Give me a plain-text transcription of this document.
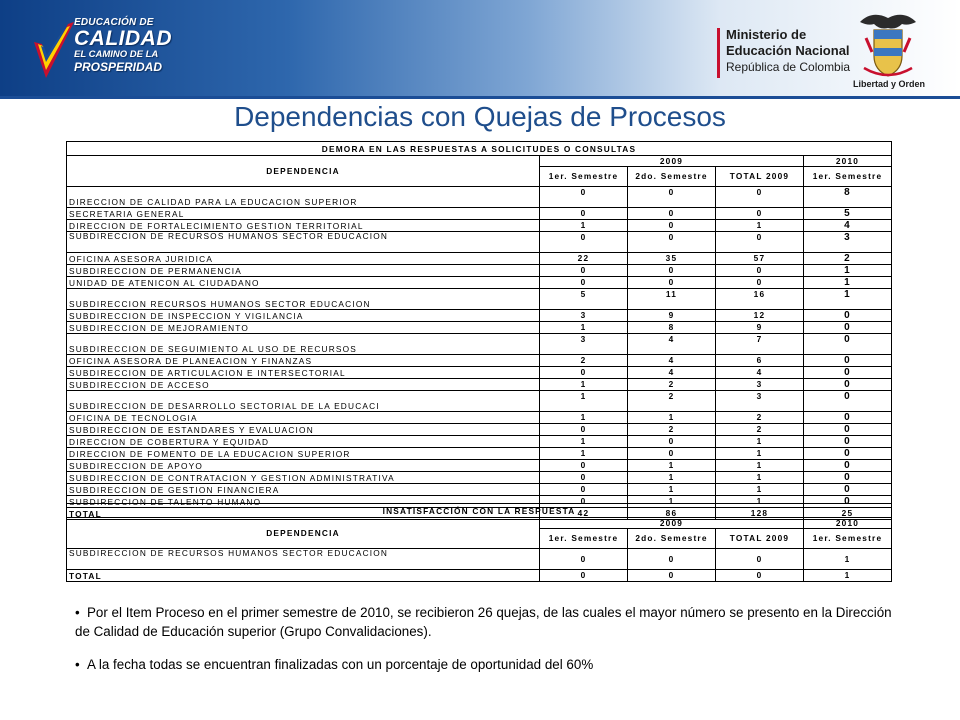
EDUCACIÓN DE
CALIDAD
EL CAMINO DE LA
PROSPERIDAD
Ministerio de
Educación Nacional
República de Colombia
Libertad y Orden
Dependencias con Quejas de Procesos
DEMORA EN LAS RESPUESTAS A SOLICITUDES O CONSULTAS				
DEPENDENCIA	2009			2010
	1er. Semestre	2do. Semestre	TOTAL 2009	1er. Semestre
DIRECCION DE CALIDAD PARA LA EDUCACION SUPERIOR	0	0	0	8
SECRETARIA GENERAL	0	0	0	5
DIRECCION DE FORTALECIMIENTO GESTION TERRITORIAL	1	0	1	4
SUBDIRECCION DE RECURSOS HUMANOS SECTOR EDUCACION	0	0	0	3
OFICINA ASESORA JURIDICA	22	35	57	2
SUBDIRECCION DE PERMANENCIA	0	0	0	1
UNIDAD DE ATENICON AL CIUDADANO	0	0	0	1
SUBDIRECCION RECURSOS HUMANOS SECTOR EDUCACION	5	11	16	1
SUBDIRECCION DE INSPECCION Y VIGILANCIA	3	9	12	0
SUBDIRECCION DE MEJORAMIENTO	1	8	9	0
SUBDIRECCION DE SEGUIMIENTO AL USO DE RECURSOS	3	4	7	0
OFICINA ASESORA DE PLANEACION Y FINANZAS	2	4	6	0
SUBDIRECCION DE ARTICULACION E INTERSECTORIAL	0	4	4	0
SUBDIRECCION DE ACCESO	1	2	3	0
SUBDIRECCION DE DESARROLLO SECTORIAL DE LA EDUCACI	1	2	3	0
OFICINA DE TECNOLOGIA	1	1	2	0
SUBDIRECCION DE ESTANDARES Y EVALUACION	0	2	2	0
DIRECCION DE COBERTURA Y EQUIDAD	1	0	1	0
DIRECCION DE FOMENTO DE LA EDUCACION SUPERIOR	1	0	1	0
SUBDIRECCION DE APOYO	0	1	1	0
SUBDIRECCION DE CONTRATACION Y GESTION ADMINISTRATIVA	0	1	1	0
SUBDIRECCION DE GESTION FINANCIERA	0	1	1	0
SUBDIRECCION DE TALENTO HUMANO	0	1	1	0
TOTAL	42	86	128	25
INSATISFACCIÓN CON LA RESPUESTA				
DEPENDENCIA	2009			2010
	1er. Semestre	2do. Semestre	TOTAL 2009	1er. Semestre
SUBDIRECCION DE RECURSOS HUMANOS SECTOR EDUCACION	0	0	0	1
TOTAL	0	0	0	1

• Por el Item Proceso en el primer semestre de 2010, se recibieron 26 quejas, de las cuales el mayor número se presento en la Dirección de Calidad de Educación superior (Grupo Convalidaciones).

• A la fecha todas se encuentran finalizadas con un porcentaje de oportunidad del 60%
